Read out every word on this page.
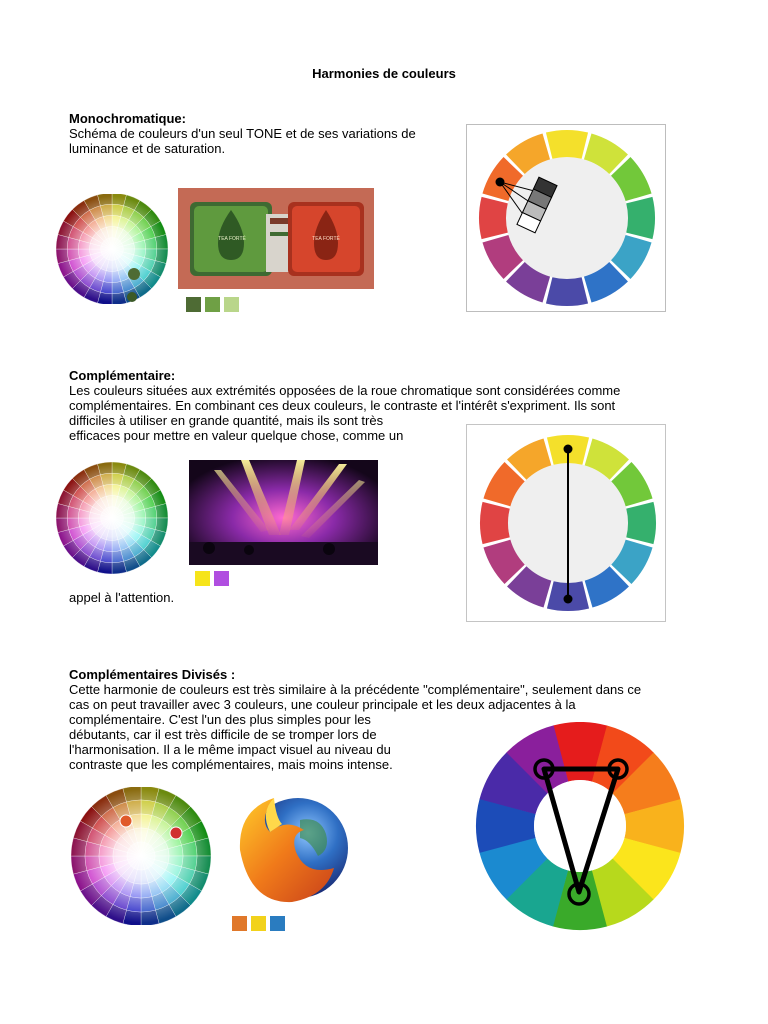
Harmonies de couleurs
Monochromatique:
Schéma de couleurs d'un seul TONE et de ses variations de
luminance et de saturation.
TEA FORTÉ	TEA FORTÉ
Complémentaire:
Les couleurs situées aux extrémités opposées de la roue chromatique sont considérées comme
complémentaires. En combinant ces deux couleurs, le contraste et l'intérêt s'expriment. Ils sont
difficiles à utiliser en grande quantité, mais ils sont très
efficaces pour mettre en valeur quelque chose, comme un
appel à l'attention.
Complémentaires Divisés :
Cette harmonie de couleurs est très similaire à la précédente "complémentaire", seulement dans ce
cas on peut travailler avec 3 couleurs, une couleur principale et les deux adjacentes à la
complémentaire. C'est l'un des plus simples pour les
débutants, car il est très difficile de se tromper lors de
l'harmonisation. Il a le même impact visuel au niveau du
contraste que les complémentaires, mais moins intense.
